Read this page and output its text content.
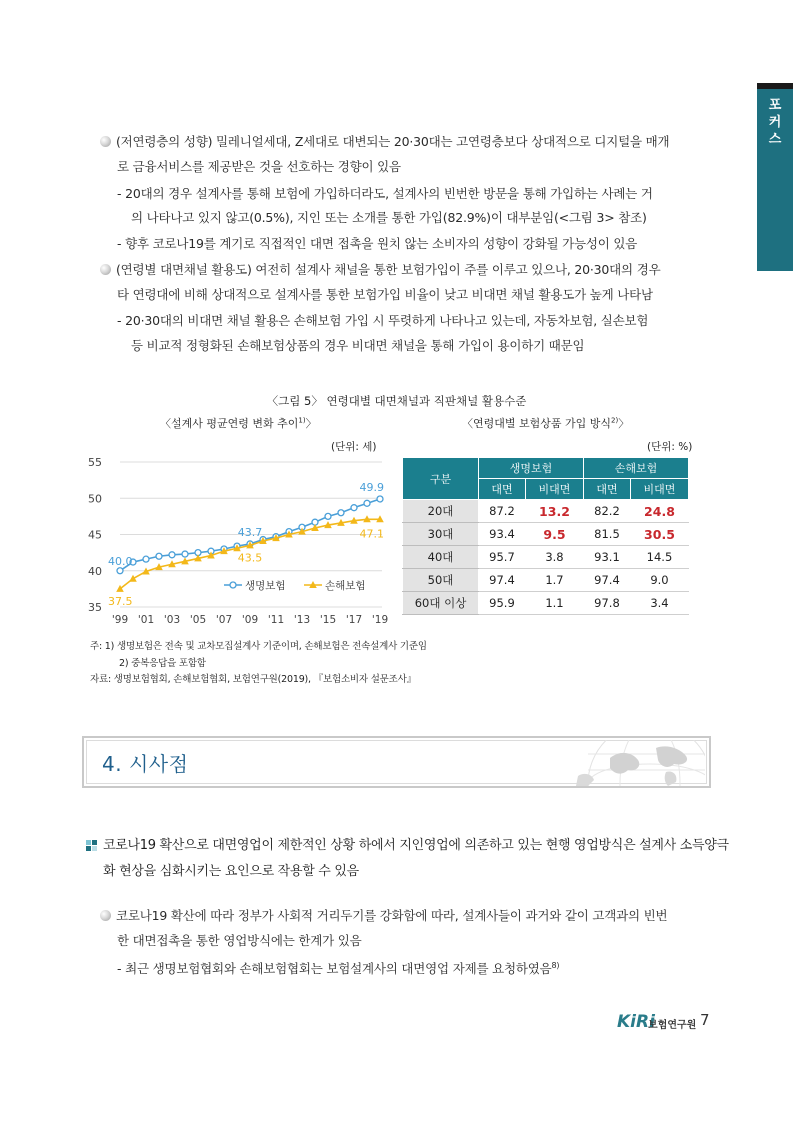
포
커
스
(저연령층의 성향) 밀레니얼세대, Z세대로 대변되는 20·30대는 고연령층보다 상대적으로 디지털을 매개
로 금융서비스를 제공받은 것을 선호하는 경향이 있음
- 20대의 경우 설계사를 통해 보험에 가입하더라도, 설계사의 빈번한 방문을 통해 가입하는 사례는 거
의 나타나고 있지 않고(0.5%), 지인 또는 소개를 통한 가입(82.9%)이 대부분임(<그림 3> 참조)
- 향후 코로나19를 계기로 직접적인 대면 접촉을 원치 않는 소비자의 성향이 강화될 가능성이 있음
(연령별 대면채널 활용도) 여전히 설계사 채널을 통한 보험가입이 주를 이루고 있으나, 20·30대의 경우
타 연령대에 비해 상대적으로 설계사를 통한 보험가입 비율이 낮고 비대면 채널 활용도가 높게 나타남
- 20·30대의 비대면 채널 활용은 손해보험 가입 시 뚜렷하게 나타나고 있는데, 자동차보험, 실손보험
등 비교적 정형화된 손해보험상품의 경우 비대면 채널을 통해 가입이 용이하기 때문임
〈그림 5〉 연령대별 대면채널과 직판채널 활용수준
〈설계사 평균연령 변화 추이$^{1)}$〉
(단위: 세)
〈연령대별 보험상품 가입 방식$^{2)}$〉
(단위: %)
35
40
45
50
55
'99 '01 '03 '05 '07 '09 '11 '13 '15 '17 '19
40.0
43.7
49.9
37.5
43.5
47.1
생명보험	손해보험
구분	생명보험		손해보험	
	대면	비대면	대면	비대면
20대	87.2	13.2	82.2	24.8
30대	93.4	9.5	81.5	30.5
40대	95.7	3.8	93.1	14.5
50대	97.4	1.7	97.4	9.0
60대 이상	95.9	1.1	97.8	3.4
주: 1) 생명보험은 전속 및 교차모집설계사 기준이며, 손해보험은 전속설계사 기준임
2) 중복응답을 포함함
자료: 생명보험협회, 손해보험협회, 보험연구원(2019), 『보험소비자 설문조사』
4. 시사점
코로나19 확산으로 대면영업이 제한적인 상황 하에서 지인영업에 의존하고 있는 현행 영업방식은 설계사 소득양극
화 현상을 심화시키는 요인으로 작용할 수 있음
코로나19 확산에 따라 정부가 사회적 거리두기를 강화함에 따라, 설계사들이 과거와 같이 고객과의 빈번
한 대면접촉을 통한 영업방식에는 한계가 있음
- 최근 생명보험협회와 손해보험협회는 보험설계사의 대면영업 자제를 요청하였음$^{8)}$
KiRi
보험연구원 7
